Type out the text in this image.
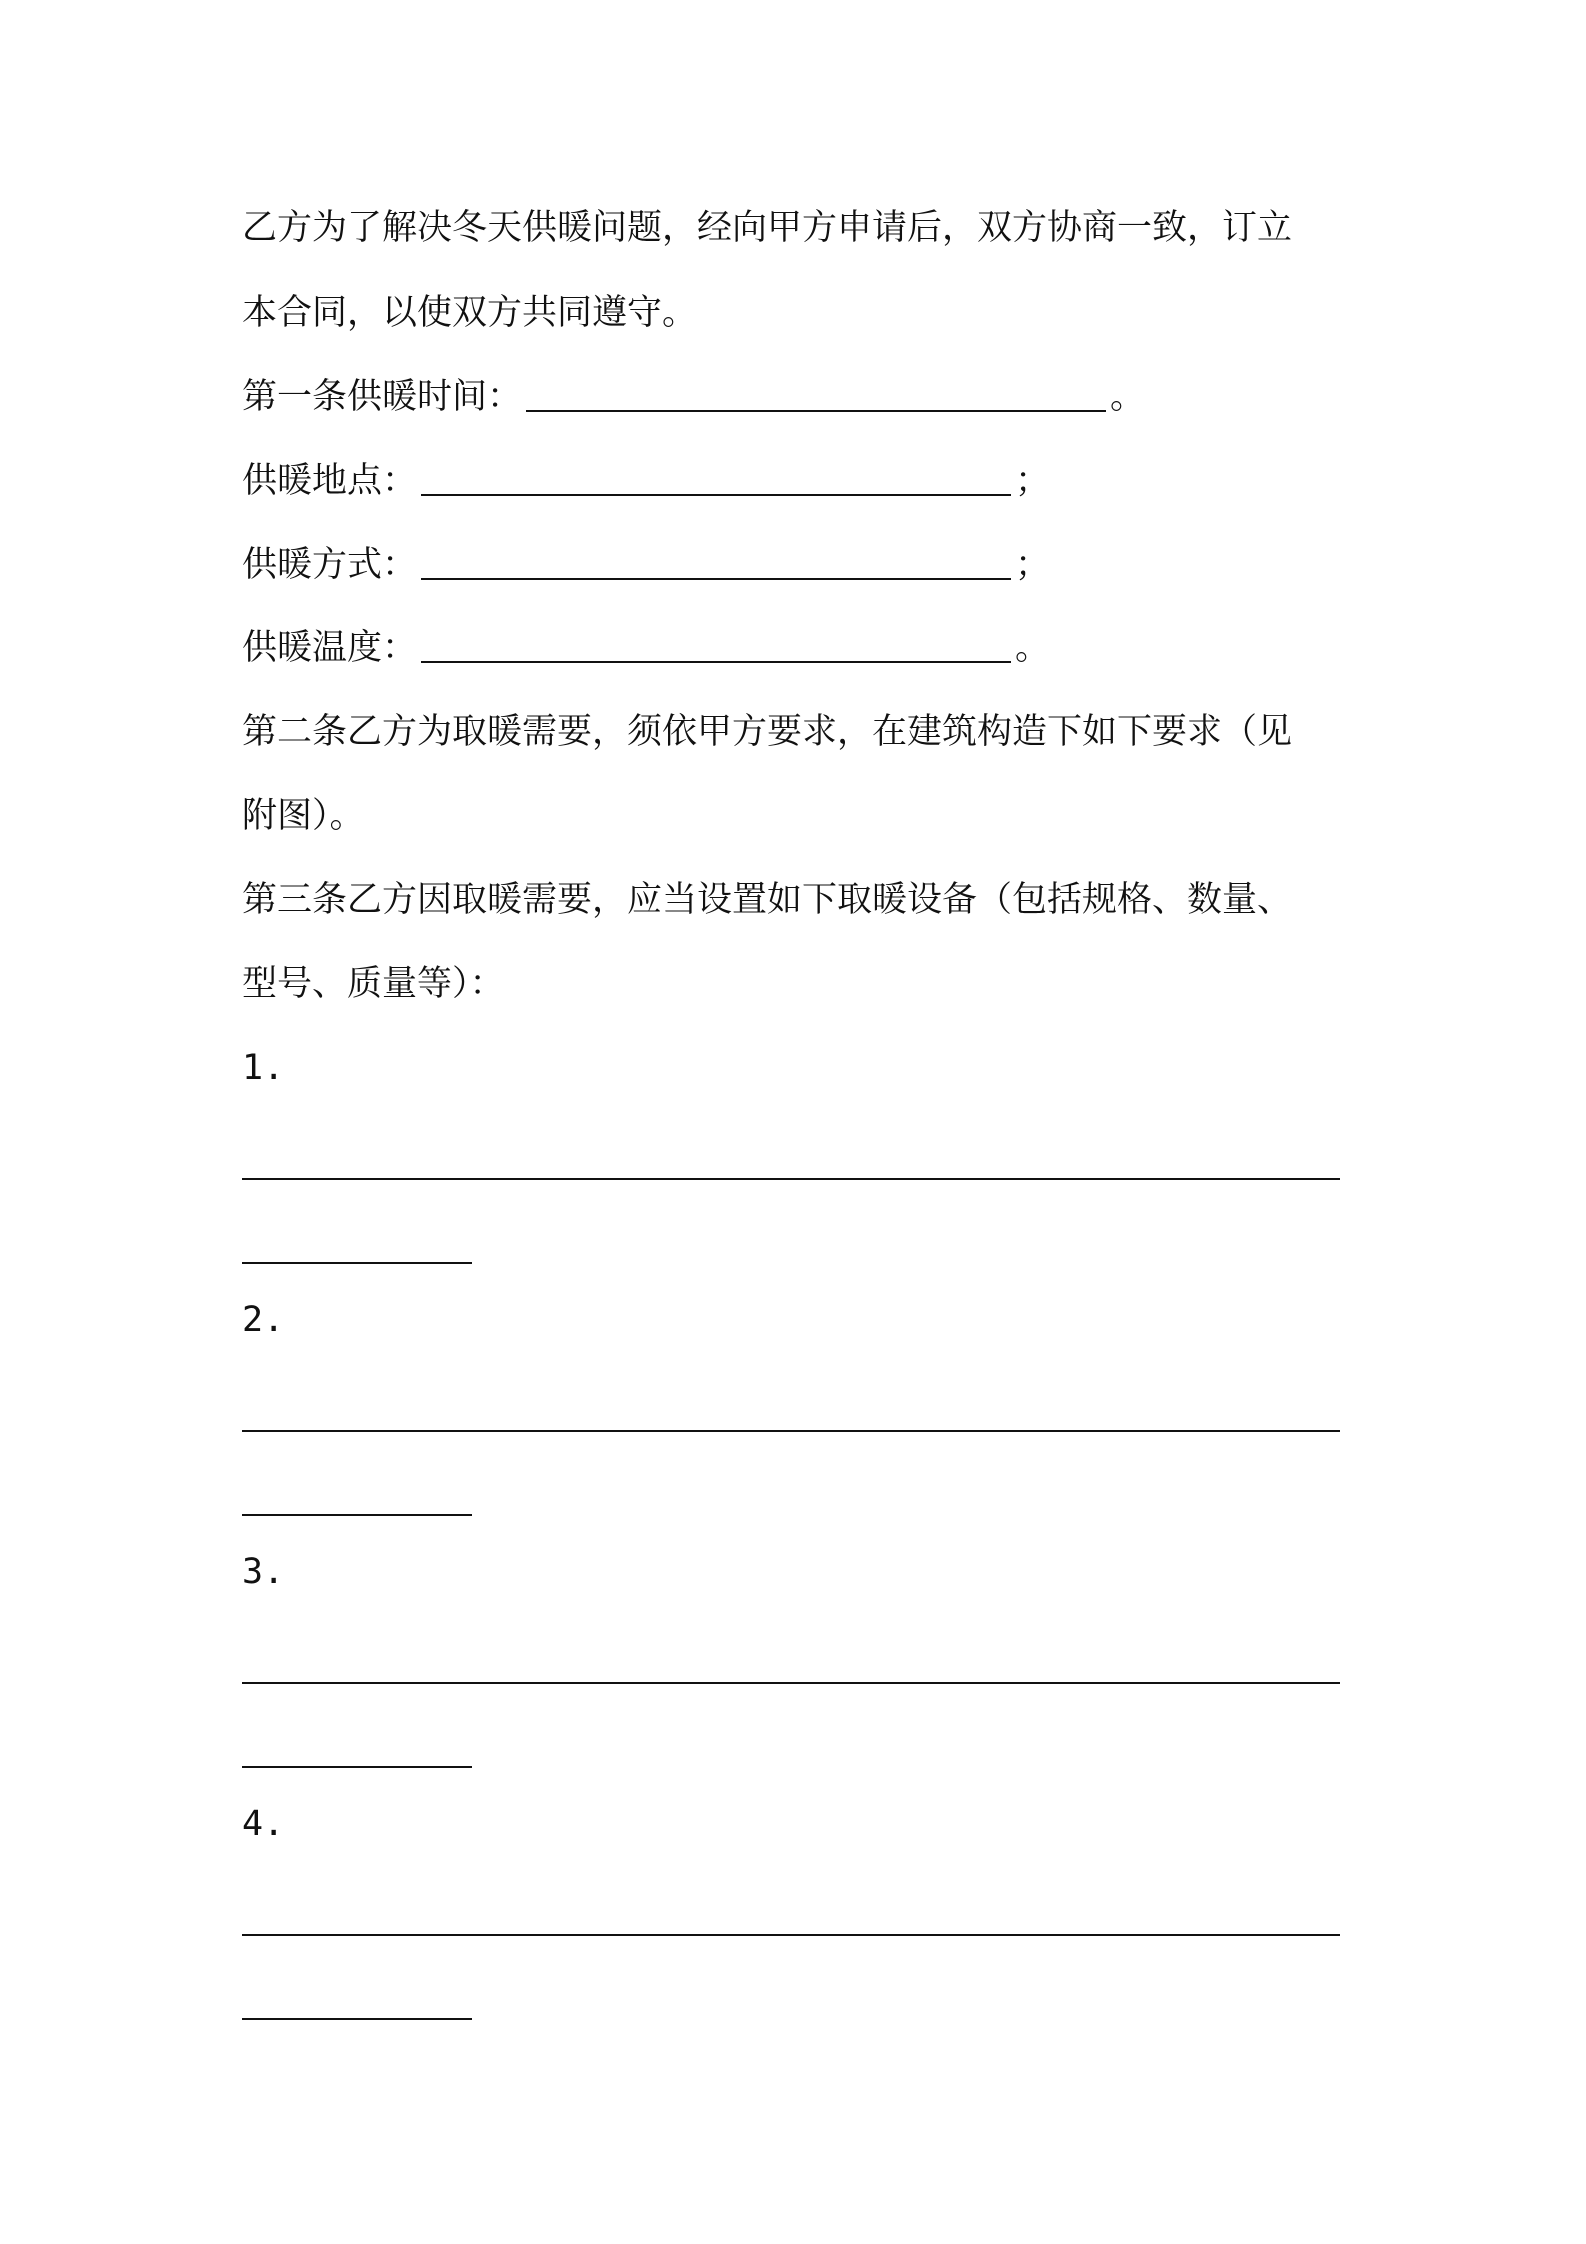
乙方为了解决冬天供暖问题，经向甲方申请后，双方协商一致，订立
本合同，以使双方共同遵守。
第一条供暖时间：	。
供暖地点：	；
供暖方式：	；
供暖温度：	。
第二条乙方为取暖需要，须依甲方要求，在建筑构造下如下要求（见
附图）。
第三条乙方因取暖需要，应当设置如下取暖设备（包括规格、数量、
型号、质量等）：
1.
2.
3.
4.
